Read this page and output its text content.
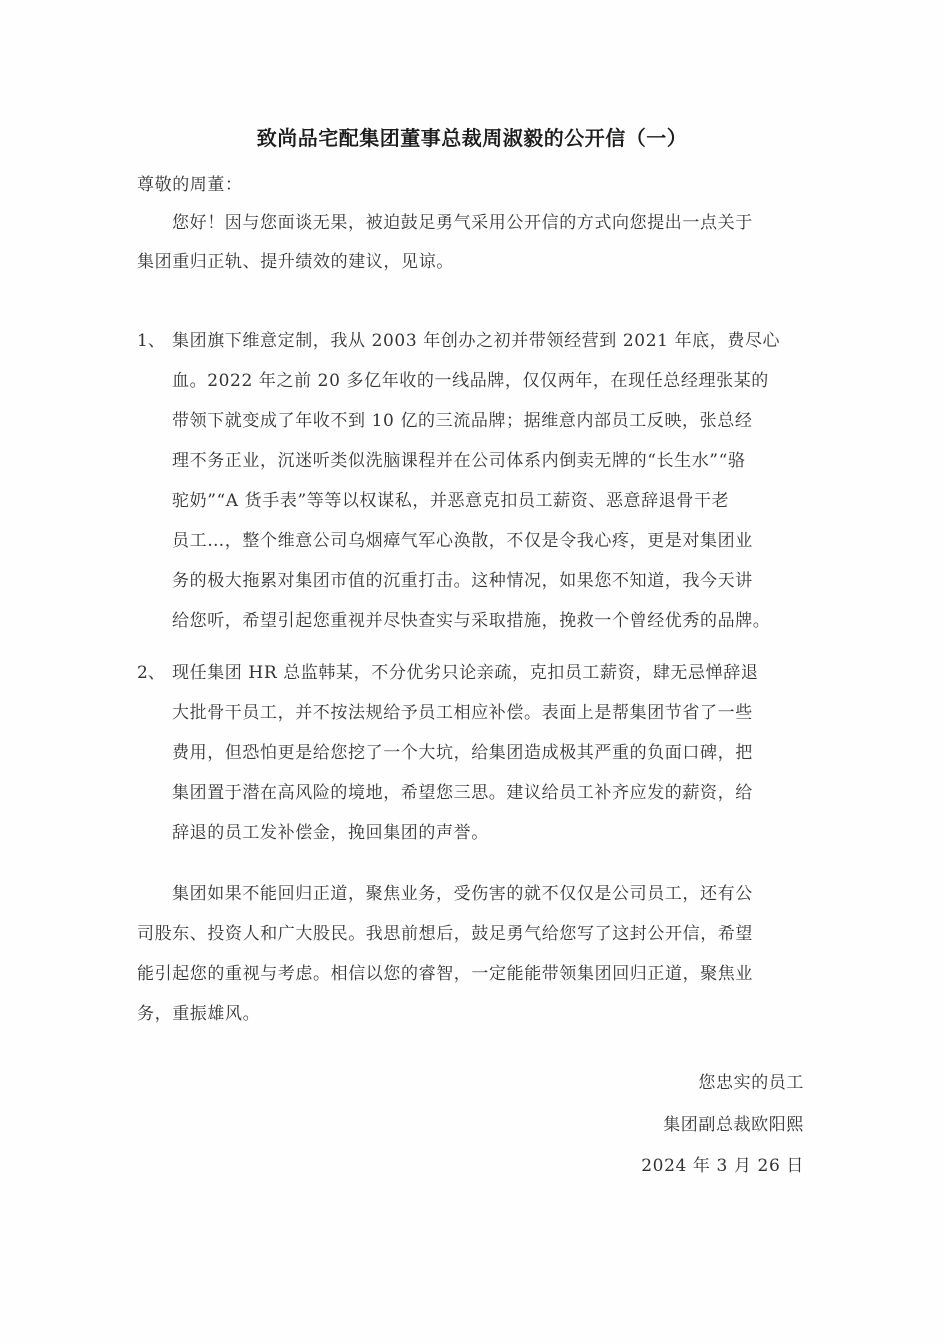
致尚品宅配集团董事总裁周淑毅的公开信（一）
尊敬的周董：
您好！因与您面谈无果，被迫鼓足勇气采用公开信的方式向您提出一点关于
集团重归正轨、提升绩效的建议，见谅。
1、 集团旗下维意定制，我从 2003 年创办之初并带领经营到 2021 年底，费尽心
血。2022 年之前 20 多亿年收的一线品牌，仅仅两年，在现任总经理张某的
带领下就变成了年收不到 10 亿的三流品牌；据维意内部员工反映，张总经
理不务正业，沉迷听类似洗脑课程并在公司体系内倒卖无牌的“长生水”“骆
驼奶”“A 货手表”等等以权谋私，并恶意克扣员工薪资、恶意辞退骨干老
员工…，整个维意公司乌烟瘴气军心涣散，不仅是令我心疼，更是对集团业
务的极大拖累对集团市值的沉重打击。这种情况，如果您不知道，我今天讲
给您听，希望引起您重视并尽快查实与采取措施，挽救一个曾经优秀的品牌。
2、 现任集团 HR 总监韩某，不分优劣只论亲疏，克扣员工薪资，肆无忌惮辞退
大批骨干员工，并不按法规给予员工相应补偿。表面上是帮集团节省了一些
费用，但恐怕更是给您挖了一个大坑，给集团造成极其严重的负面口碑，把
集团置于潜在高风险的境地，希望您三思。建议给员工补齐应发的薪资，给
辞退的员工发补偿金，挽回集团的声誉。
集团如果不能回归正道，聚焦业务，受伤害的就不仅仅是公司员工，还有公
司股东、投资人和广大股民。我思前想后，鼓足勇气给您写了这封公开信，希望
能引起您的重视与考虑。相信以您的睿智，一定能能带领集团回归正道，聚焦业
务，重振雄风。
您忠实的员工
集团副总裁欧阳熙
2024 年 3 月 26 日
